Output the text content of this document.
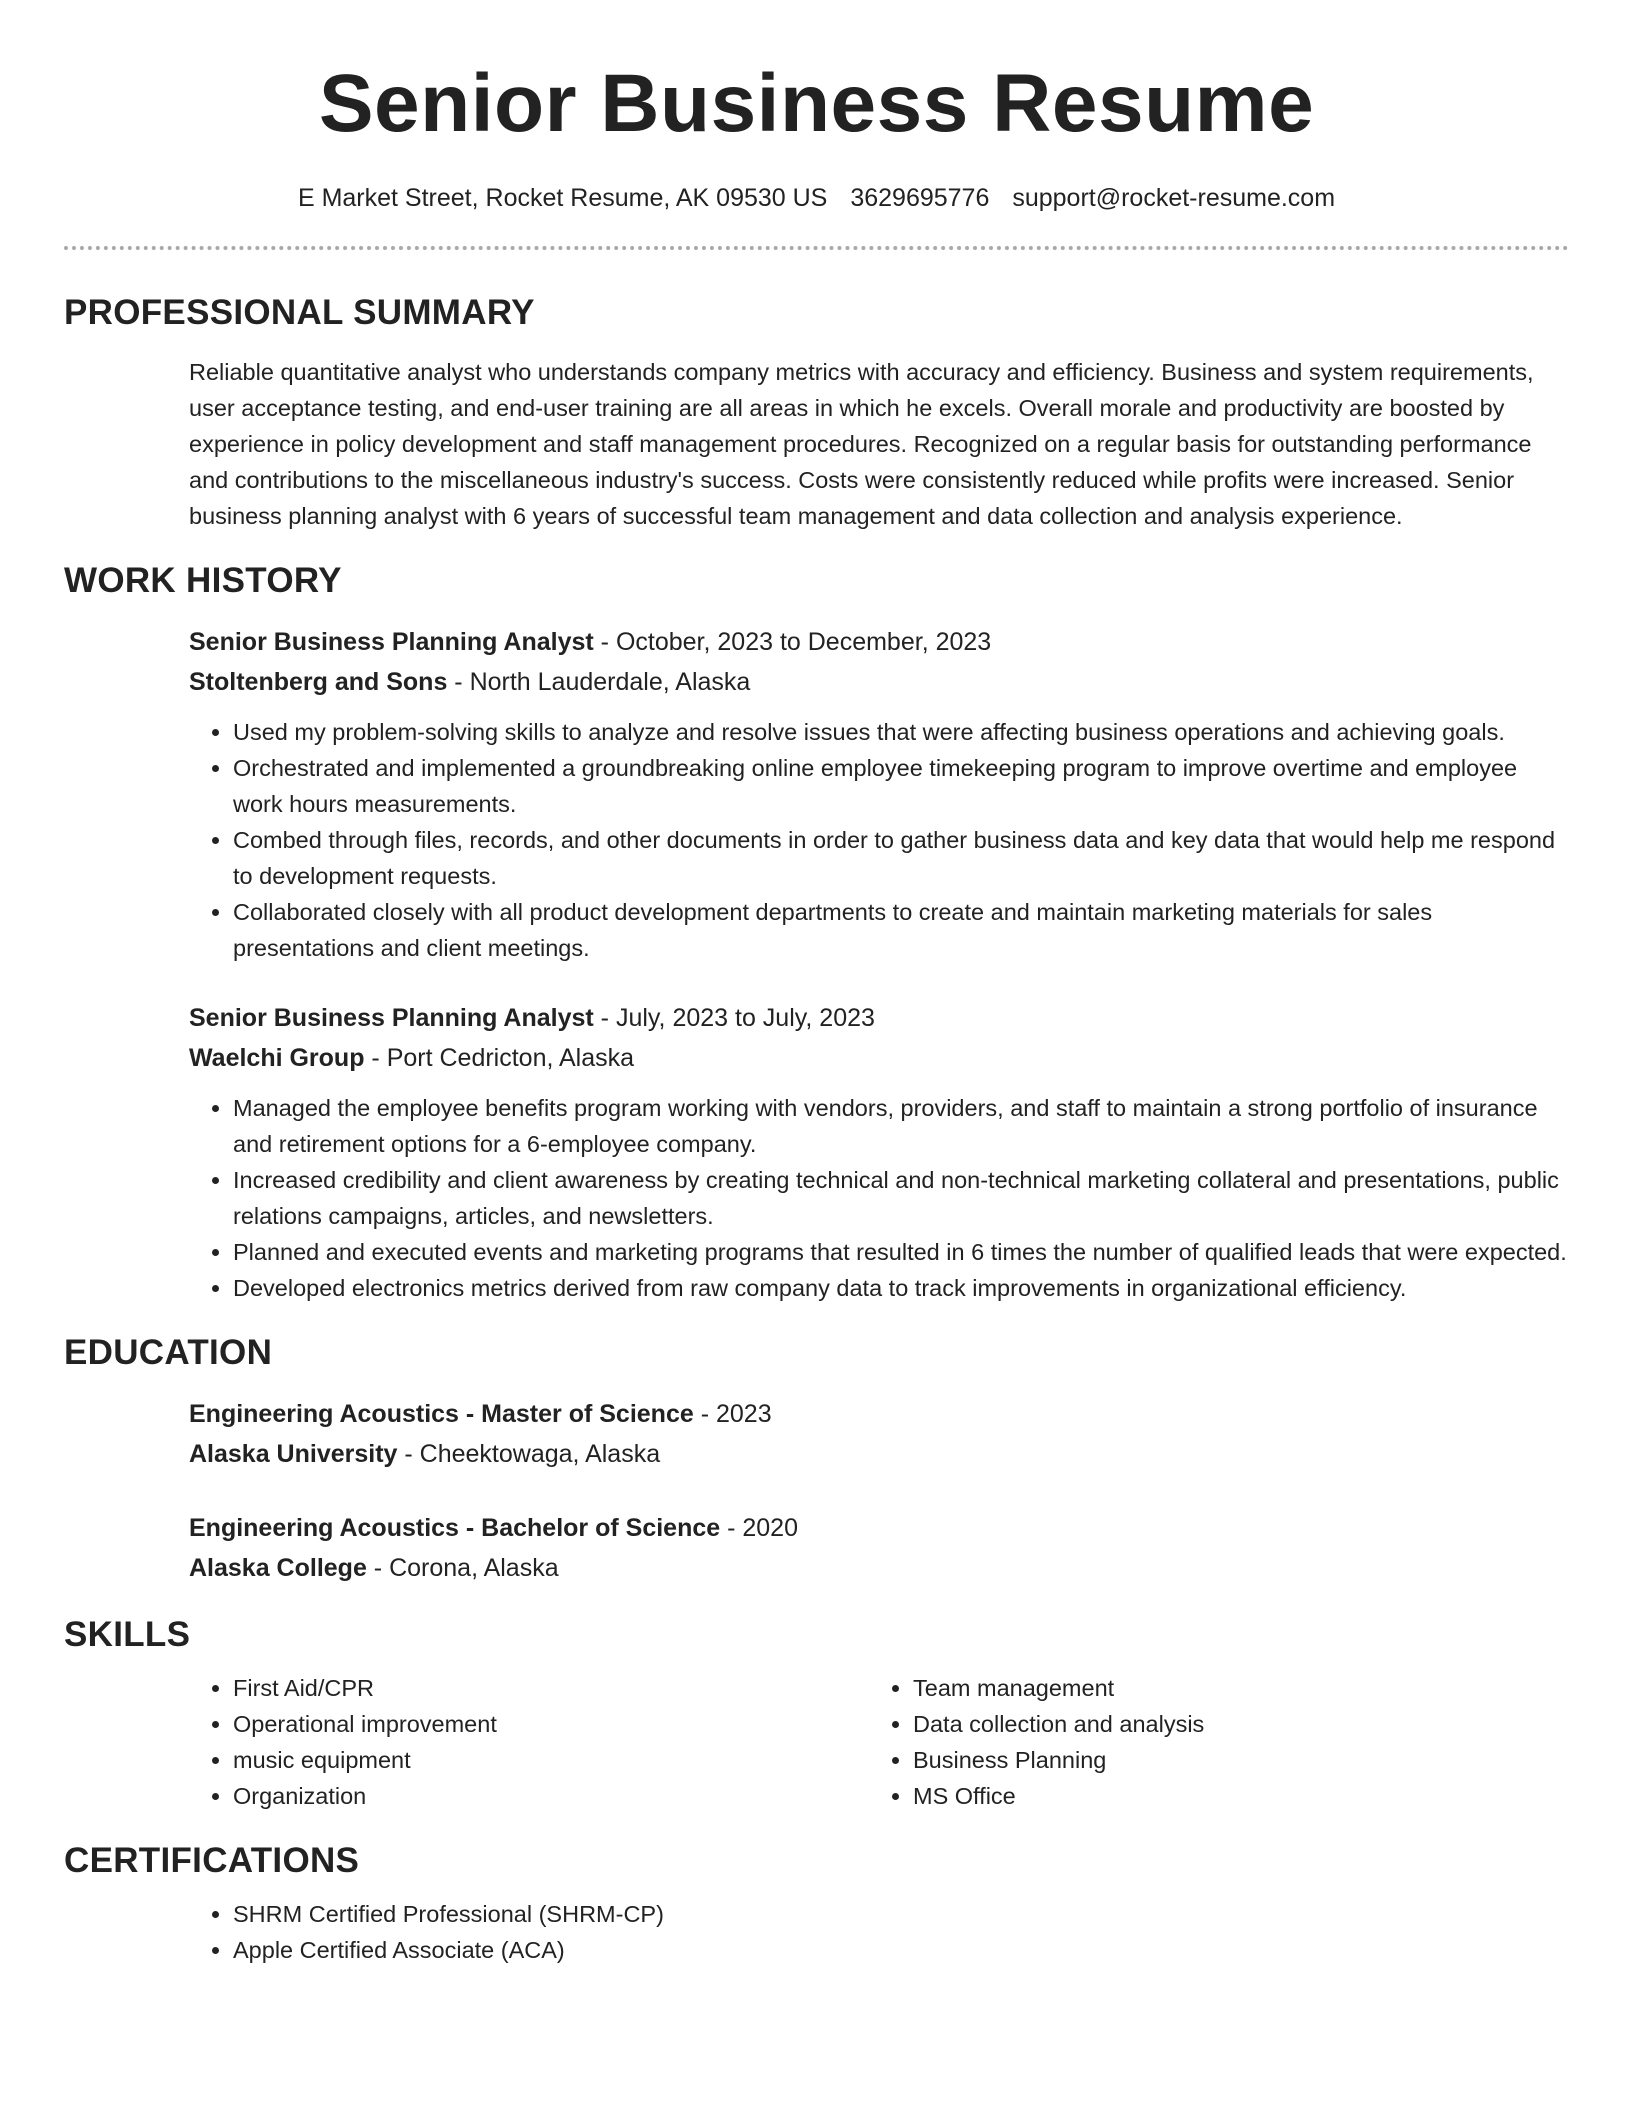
Senior Business Resume
E Market Street, Rocket Resume, AK 09530 US 3629695776 support@rocket-resume.com
PROFESSIONAL SUMMARY
Reliable quantitative analyst who understands company metrics with accuracy and efficiency. Business and system requirements, user acceptance testing, and end-user training are all areas in which he excels. Overall morale and productivity are boosted by experience in policy development and staff management procedures. Recognized on a regular basis for outstanding performance and contributions to the miscellaneous industry's success. Costs were consistently reduced while profits were increased. Senior business planning analyst with 6 years of successful team management and data collection and analysis experience.
WORK HISTORY
Senior Business Planning Analyst - October, 2023 to December, 2023
Stoltenberg and Sons - North Lauderdale, Alaska
• Used my problem-solving skills to analyze and resolve issues that were affecting business operations and achieving goals.
• Orchestrated and implemented a groundbreaking online employee timekeeping program to improve overtime and employee work hours measurements.
• Combed through files, records, and other documents in order to gather business data and key data that would help me respond to development requests.
• Collaborated closely with all product development departments to create and maintain marketing materials for sales presentations and client meetings.
Senior Business Planning Analyst - July, 2023 to July, 2023
Waelchi Group - Port Cedricton, Alaska
• Managed the employee benefits program working with vendors, providers, and staff to maintain a strong portfolio of insurance and retirement options for a 6-employee company.
• Increased credibility and client awareness by creating technical and non-technical marketing collateral and presentations, public relations campaigns, articles, and newsletters.
• Planned and executed events and marketing programs that resulted in 6 times the number of qualified leads that were expected.
• Developed electronics metrics derived from raw company data to track improvements in organizational efficiency.
EDUCATION
Engineering Acoustics - Master of Science - 2023
Alaska University - Cheektowaga, Alaska
Engineering Acoustics - Bachelor of Science - 2020
Alaska College - Corona, Alaska
SKILLS
• First Aid/CPR
• Operational improvement
• music equipment
• Organization
• Team management
• Data collection and analysis
• Business Planning
• MS Office
CERTIFICATIONS
• SHRM Certified Professional (SHRM-CP)
• Apple Certified Associate (ACA)
